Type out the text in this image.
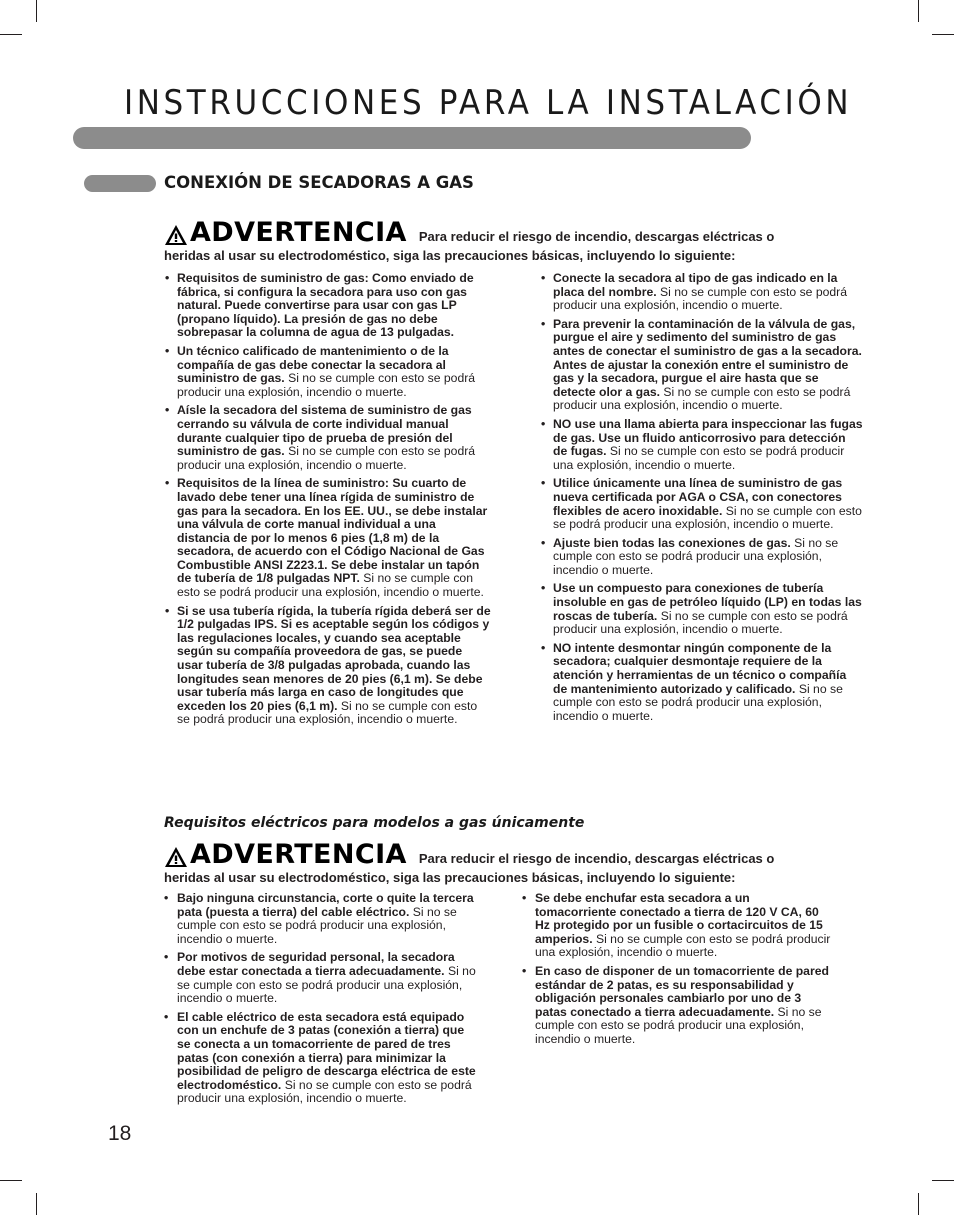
INSTRUCCIONES PARA LA INSTALACIÓN
CONEXIÓN DE SECADORAS A GAS
ADVERTENCIA Para reducir el riesgo de incendio, descargas eléctricas o
heridas al usar su electrodoméstico, siga las precauciones básicas, incluyendo lo siguiente:
• Requisitos de suministro de gas: Como enviado de fábrica, si configura la secadora para uso con gas natural. Puede convertirse para usar con gas LP (propano líquido). La presión de gas no debe sobrepasar la columna de agua de 13 pulgadas.
• Un técnico calificado de mantenimiento o de la compañía de gas debe conectar la secadora al suministro de gas. Si no se cumple con esto se podrá producir una explosión, incendio o muerte.
• Aísle la secadora del sistema de suministro de gas cerrando su válvula de corte individual manual durante cualquier tipo de prueba de presión del suministro de gas. Si no se cumple con esto se podrá producir una explosión, incendio o muerte.
• Requisitos de la línea de suministro: Su cuarto de lavado debe tener una línea rígida de suministro de gas para la secadora. En los EE. UU., se debe instalar una válvula de corte manual individual a una distancia de por lo menos 6 pies (1,8 m) de la secadora, de acuerdo con el Código Nacional de Gas Combustible ANSI Z223.1. Se debe instalar un tapón de tubería de 1/8 pulgadas NPT. Si no se cumple con esto se podrá producir una explosión, incendio o muerte.
• Si se usa tubería rígida, la tubería rígida deberá ser de 1/2 pulgadas IPS. Si es aceptable según los códigos y las regulaciones locales, y cuando sea aceptable según su compañía proveedora de gas, se puede usar tubería de 3/8 pulgadas aprobada, cuando las longitudes sean menores de 20 pies (6,1 m). Se debe usar tubería más larga en caso de longitudes que exceden los 20 pies (6,1 m). Si no se cumple con esto se podrá producir una explosión, incendio o muerte.
• Conecte la secadora al tipo de gas indicado en la placa del nombre. Si no se cumple con esto se podrá producir una explosión, incendio o muerte.
• Para prevenir la contaminación de la válvula de gas, purgue el aire y sedimento del suministro de gas antes de conectar el suministro de gas a la secadora. Antes de ajustar la conexión entre el suministro de gas y la secadora, purgue el aire hasta que se detecte olor a gas. Si no se cumple con esto se podrá producir una explosión, incendio o muerte.
• NO use una llama abierta para inspeccionar las fugas de gas. Use un fluido anticorrosivo para detección de fugas. Si no se cumple con esto se podrá producir una explosión, incendio o muerte.
• Utilice únicamente una línea de suministro de gas nueva certificada por AGA o CSA, con conectores flexibles de acero inoxidable. Si no se cumple con esto se podrá producir una explosión, incendio o muerte.
• Ajuste bien todas las conexiones de gas. Si no se cumple con esto se podrá producir una explosión, incendio o muerte.
• Use un compuesto para conexiones de tubería insoluble en gas de petróleo líquido (LP) en todas las roscas de tubería. Si no se cumple con esto se podrá producir una explosión, incendio o muerte.
• NO intente desmontar ningún componente de la secadora; cualquier desmontaje requiere de la atención y herramientas de un técnico o compañía de mantenimiento autorizado y calificado. Si no se cumple con esto se podrá producir una explosión, incendio o muerte.
Requisitos eléctricos para modelos a gas únicamente
ADVERTENCIA Para reducir el riesgo de incendio, descargas eléctricas o
heridas al usar su electrodoméstico, siga las precauciones básicas, incluyendo lo siguiente:
• Bajo ninguna circunstancia, corte o quite la tercera pata (puesta a tierra) del cable eléctrico. Si no se cumple con esto se podrá producir una explosión, incendio o muerte.
• Por motivos de seguridad personal, la secadora debe estar conectada a tierra adecuadamente. Si no se cumple con esto se podrá producir una explosión, incendio o muerte.
• El cable eléctrico de esta secadora está equipado con un enchufe de 3 patas (conexión a tierra) que se conecta a un tomacorriente de pared de tres patas (con conexión a tierra) para minimizar la posibilidad de peligro de descarga eléctrica de este electrodoméstico. Si no se cumple con esto se podrá producir una explosión, incendio o muerte.
• Se debe enchufar esta secadora a un tomacorriente conectado a tierra de 120 V CA, 60 Hz protegido por un fusible o cortacircuitos de 15 amperios. Si no se cumple con esto se podrá producir una explosión, incendio o muerte.
• En caso de disponer de un tomacorriente de pared estándar de 2 patas, es su responsabilidad y obligación personales cambiarlo por uno de 3 patas conectado a tierra adecuadamente. Si no se cumple con esto se podrá producir una explosión, incendio o muerte.
18
